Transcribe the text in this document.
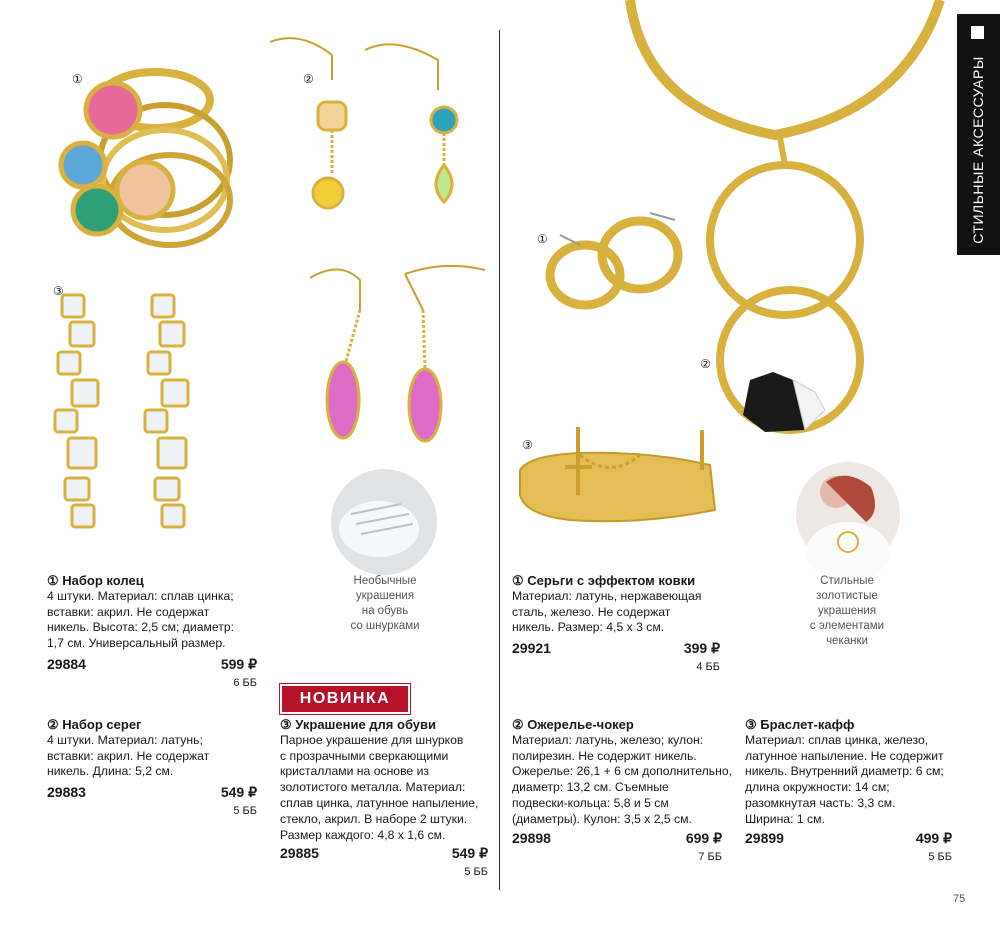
СТИЛЬНЫЕ АКСЕССУАРЫ
①	②
③
①
②
③
Необычные
украшения
на обувь
со шнурками
Стильные
золотистые
украшения
с элементами
чеканки
① Набор колец
4 штуки. Материал: сплав цинка;
вставки: акрил. Не содержат
никель. Высота: 2,5 см; диаметр:
1,7 см. Универсальный размер.
29884	599 ₽
6 ББ
② Набор серег
4 штуки. Материал: латунь;
вставки: акрил. Не содержат
никель. Длина: 5,2 см.
29883	549 ₽
5 ББ
НОВИНКА
③ Украшение для обуви
Парное украшение для шнурков
с прозрачными сверкающими
кристаллами на основе из
золотистого металла. Материал:
сплав цинка, латунное напыление,
стекло, акрил. В наборе 2 штуки.
Размер каждого: 4,8 x 1,6 см.
29885	549 ₽
5 ББ
① Серьги с эффектом ковки
Материал: латунь, нержавеющая
сталь, железо. Не содержат
никель. Размер: 4,5 x 3 см.
29921	399 ₽
4 ББ
② Ожерелье-чокер
Материал: латунь, железо; кулон:
полирезин. Не содержит никель.
Ожерелье: 26,1 + 6 см дополнительно,
диаметр: 13,2 см. Съемные
подвески-кольца: 5,8 и 5 см
(диаметры). Кулон: 3,5 x 2,5 см.
29898	699 ₽
7 ББ
③ Браслет-кафф
Материал: сплав цинка, железо,
латунное напыление. Не содержит
никель. Внутренний диаметр: 6 см;
длина окружности: 14 см;
разомкнутая часть: 3,3 см.
Ширина: 1 см.
29899	499 ₽
5 ББ
75
